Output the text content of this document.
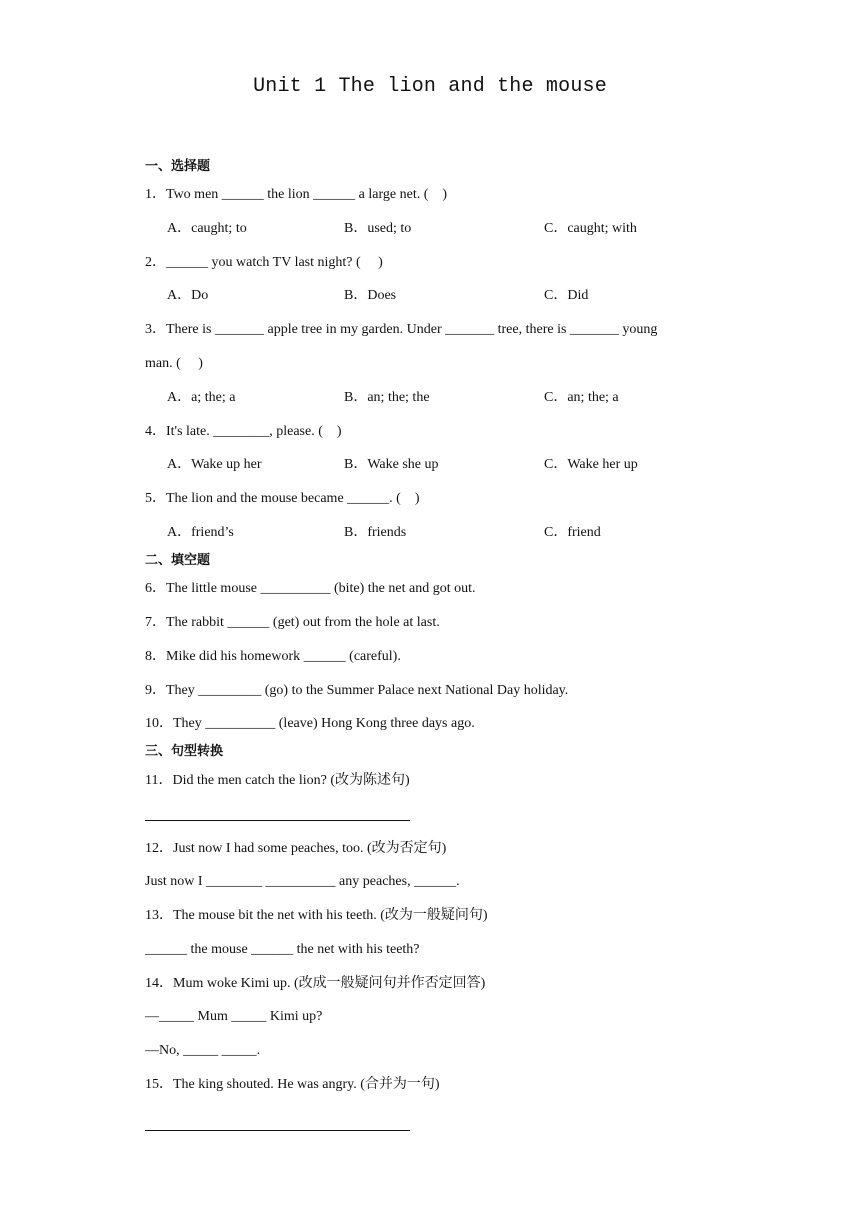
Unit 1 The lion and the mouse
一、选择题
1．Two men ______ the lion ______ a large net. (　)
A．caught; to	B．used; to	C．caught; with
2．______ you watch TV last night? (　 )
A．Do	B．Does	C．Did
3．There is _______ apple tree in my garden. Under _______ tree, there is _______ young
man. (　 )
A．a; the; a	B．an; the; the	C．an; the; a
4．It's late. ________, please. (　)
A．Wake up her	B．Wake she up	C．Wake her up
5．The lion and the mouse became ______. (　)
A．friend’s	B．friends	C．friend
二、填空题
6．The little mouse __________ (bite) the net and got out.
7．The rabbit ______ (get) out from the hole at last.
8．Mike did his homework ______ (careful).
9．They _________ (go) to the Summer Palace next National Day holiday.
10．They __________ (leave) Hong Kong three days ago.
三、句型转换
11．Did the men catch the lion? (改为陈述句)
12．Just now I had some peaches, too. (改为否定句)
Just now I ________ __________ any peaches, ______.
13．The mouse bit the net with his teeth. (改为一般疑问句)
______ the mouse ______ the net with his teeth?
14．Mum woke Kimi up. (改成一般疑问句并作否定回答)
—_____ Mum _____ Kimi up?
—No, _____ _____.
15．The king shouted. He was angry. (合并为一句)
